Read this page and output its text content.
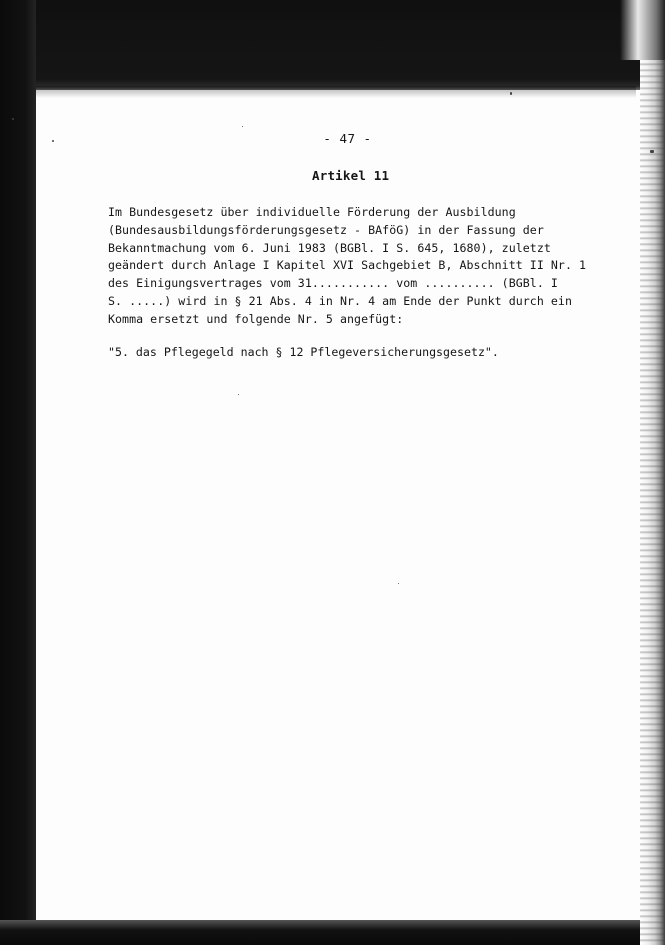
- 47 -

Artikel 11

Im Bundesgesetz über individuelle Förderung der Ausbildung
(Bundesausbildungsförderungsgesetz - BAföG) in der Fassung der
Bekanntmachung vom 6. Juni 1983 (BGBl. I S. 645, 1680), zuletzt
geändert durch Anlage I Kapitel XVI Sachgebiet B, Abschnitt II Nr. 1
des Einigungsvertrages vom 31........... vom .......... (BGBl. I
S. .....) wird in § 21 Abs. 4 in Nr. 4 am Ende der Punkt durch ein
Komma ersetzt und folgende Nr. 5 angefügt:

"5. das Pflegegeld nach § 12 Pflegeversicherungsgesetz".
